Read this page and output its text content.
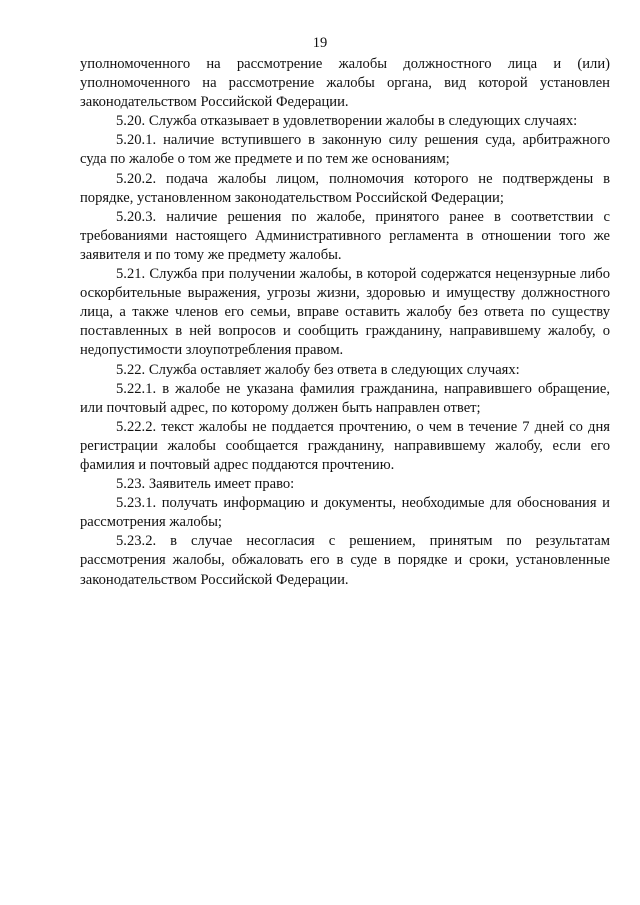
19

уполномоченного на рассмотрение жалобы должностного лица и (или) уполномоченного на рассмотрение жалобы органа, вид которой установлен законодательством Российской Федерации.

5.20. Служба отказывает в удовлетворении жалобы в следующих случаях:

5.20.1. наличие вступившего в законную силу решения суда, арбитражного суда по жалобе о том же предмете и по тем же основаниям;

5.20.2. подача жалобы лицом, полномочия которого не подтверждены в порядке, установленном законодательством Российской Федерации;

5.20.3. наличие решения по жалобе, принятого ранее в соответствии с требованиями настоящего Административного регламента в отношении того же заявителя и по тому же предмету жалобы.

5.21. Служба при получении жалобы, в которой содержатся нецензурные либо оскорбительные выражения, угрозы жизни, здоровью и имуществу должностного лица, а также членов его семьи, вправе оставить жалобу без ответа по существу поставленных в ней вопросов и сообщить гражданину, направившему жалобу, о недопустимости злоупотребления правом.

5.22. Служба оставляет жалобу без ответа в следующих случаях:

5.22.1. в жалобе не указана фамилия гражданина, направившего обращение, или почтовый адрес, по которому должен быть направлен ответ;

5.22.2. текст жалобы не поддается прочтению, о чем в течение 7 дней со дня регистрации жалобы сообщается гражданину, направившему жалобу, если его фамилия и почтовый адрес поддаются прочтению.

5.23. Заявитель имеет право:

5.23.1. получать информацию и документы, необходимые для обоснования и рассмотрения жалобы;

5.23.2. в случае несогласия с решением, принятым по результатам рассмотрения жалобы, обжаловать его в суде в порядке и сроки, установленные законодательством Российской Федерации.
